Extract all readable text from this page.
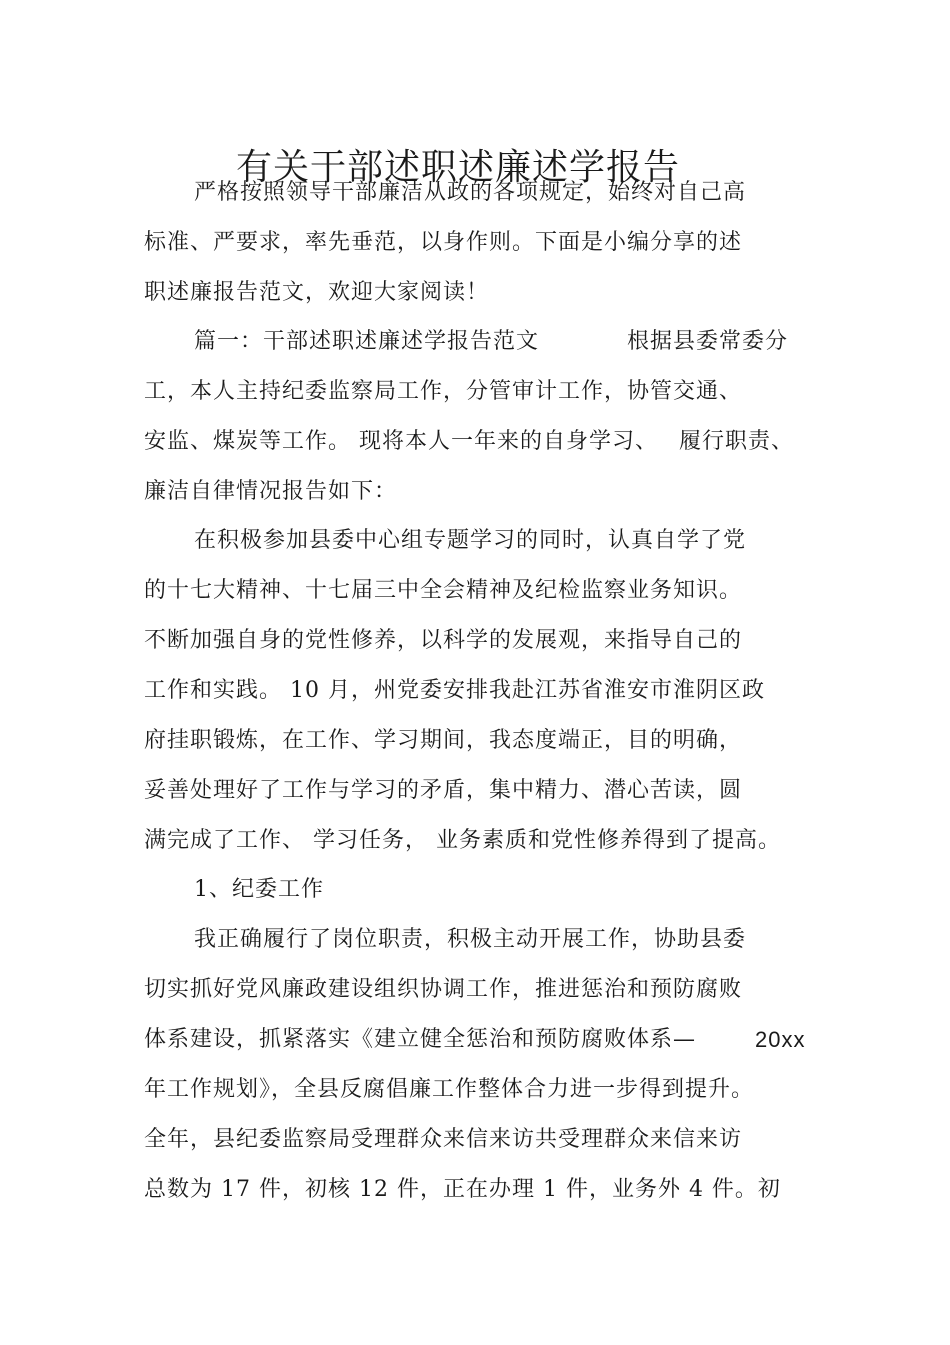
有关干部述职述廉述学报告
严格按照领导干部廉洁从政的各项规定，始终对自己高
标准、严要求，率先垂范，以身作则。下面是小编分享的述
职述廉报告范文，欢迎大家阅读！
篇一：干部述职述廉述学报告范文	根据县委常委分
工，本人主持纪委监察局工作，分管审计工作，协管交通、
安监、煤炭等工作。 现将本人一年来的自身学习、 履行职责、
廉洁自律情况报告如下：
在积极参加县委中心组专题学习的同时，认真自学了党
的十七大精神、十七届三中全会精神及纪检监察业务知识。
不断加强自身的党性修养，以科学的发展观，来指导自己的
工作和实践。 10 月，州党委安排我赴江苏省淮安市淮阴区政
府挂职锻炼，在工作、学习期间，我态度端正，目的明确，
妥善处理好了工作与学习的矛盾，集中精力、潜心苦读，圆
满完成了工作、 学习任务， 业务素质和党性修养得到了提高。
1、纪委工作
我正确履行了岗位职责，积极主动开展工作，协助县委
切实抓好党风廉政建设组织协调工作，推进惩治和预防腐败
体系建设，抓紧落实《建立健全惩治和预防腐败体系—	20xx
年工作规划》，全县反腐倡廉工作整体合力进一步得到提升。
全年，县纪委监察局受理群众来信来访共受理群众来信来访
总数为 17 件，初核 12 件，正在办理 1 件，业务外 4 件。初
